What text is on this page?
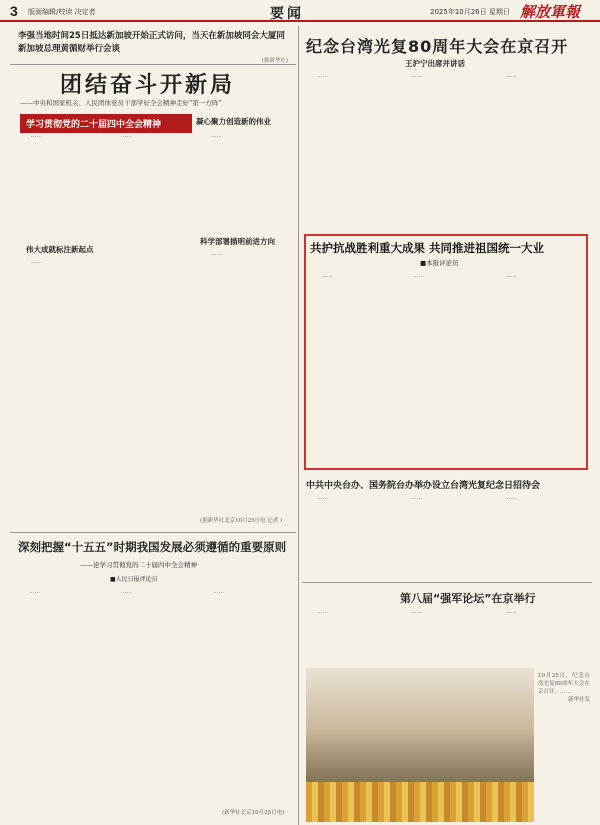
3 版面编辑/校读 决定者	要闻	2025年10月26日 星期日 解放軍報
李强当地时间25日抵达新加坡开始正式访问，当天在新加坡同会大厦同新加坡总理黄循财举行会谈
(据新华社)
团结奋斗开新局
——中央和国家机关、人民团体党员干部学好全会精神走好“第一方阵”
学习贯彻党的二十届四中全会精神	凝心聚力创造新的伟业
　　……
伟大成就标注新起点
　　……
　　……	　　……
科学部署描明前进方向
　　……
(据新华社北京10月25日电 记者 )
纪念台湾光复80周年大会在京召开
王沪宁出席并讲话
　　……	　　……	　　……
共护抗战胜利重大成果 共同推进祖国统一大业
■本报评论员
　　……	　　……	　　……
中共中央台办、国务院台办举办设立台湾光复纪念日招待会
　　……	　　……	　　……
第八届“强军论坛”在京举行
　　……	　　……	　　……
10月25日，纪念台湾光复80周年大会在京召开。……
新华社发
深刻把握“十五五”时期我国发展必须遵循的重要原则
——论学习贯彻党的二十届四中全会精神
■人民日报评论员
　　……	　　……	　　……
(新华社北京10月25日电)
